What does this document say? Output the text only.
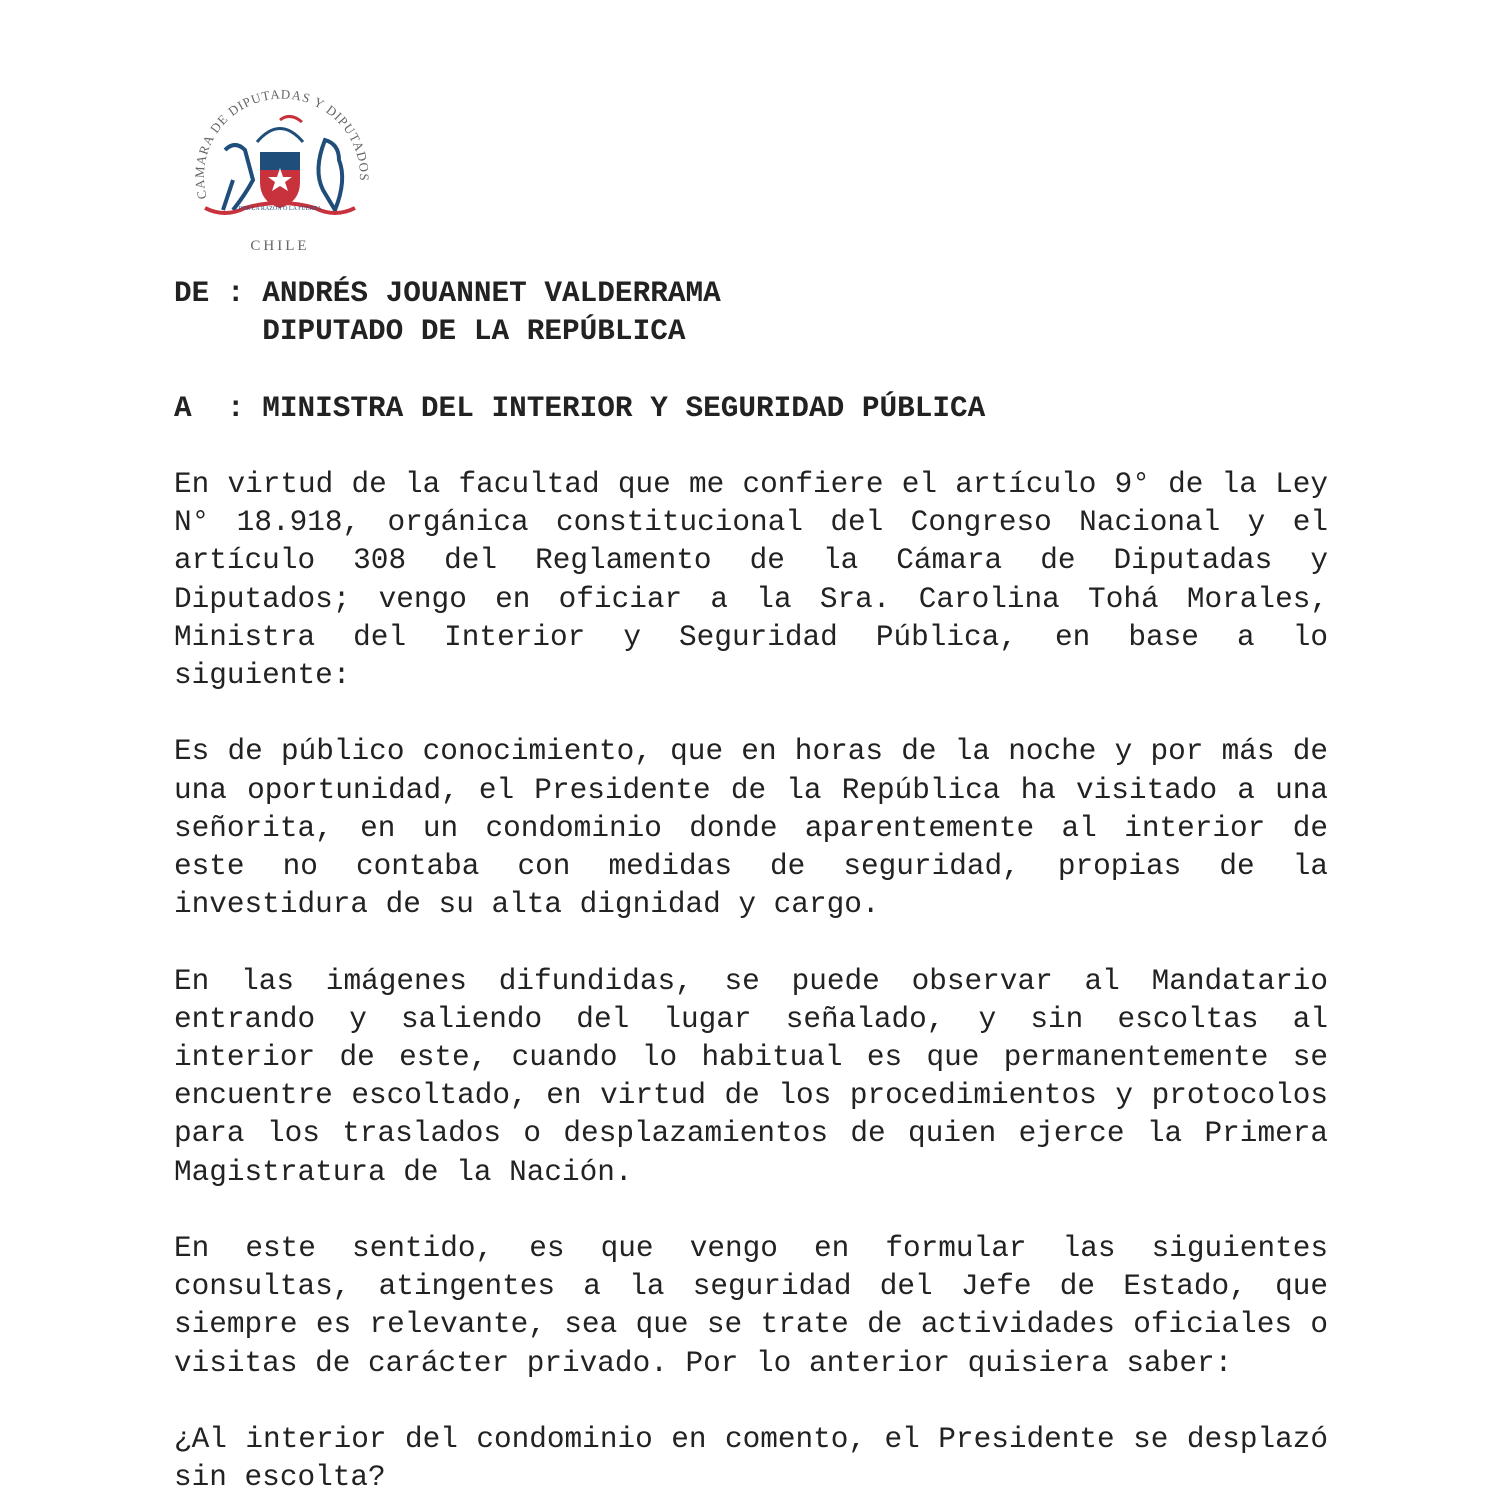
CAMARA DE DIPUTADAS Y DIPUTADOS
POR LA RAZON O LA FUERZA
CHILE
DE : ANDRÉS JOUANNET VALDERRAMA
DIPUTADO DE LA REPÚBLICA
A  : MINISTRA DEL INTERIOR Y SEGURIDAD PÚBLICA

En virtud de la facultad que me confiere el artículo 9° de la Ley N° 18.918, orgánica constitucional del Congreso Nacional y el artículo 308 del Reglamento de la Cámara de Diputadas y Diputados; vengo en oficiar a la Sra. Carolina Tohá Morales, Ministra del Interior y Seguridad Pública, en base a lo siguiente:

Es de público conocimiento, que en horas de la noche y por más de una oportunidad, el Presidente de la República ha visitado a una señorita, en un condominio donde aparentemente al interior de este no contaba con medidas de seguridad, propias de la investidura de su alta dignidad y cargo.

En las imágenes difundidas, se puede observar al Mandatario entrando y saliendo del lugar señalado, y sin escoltas al interior de este, cuando lo habitual es que permanentemente se encuentre escoltado, en virtud de los procedimientos y protocolos para los traslados o desplazamientos de quien ejerce la Primera Magistratura de la Nación.

En este sentido, es que vengo en formular las siguientes consultas, atingentes a la seguridad del Jefe de Estado, que siempre es relevante, sea que se trate de actividades oficiales o visitas de carácter privado. Por lo anterior quisiera saber:

¿Al interior del condominio en comento, el Presidente se desplazó sin escolta?
